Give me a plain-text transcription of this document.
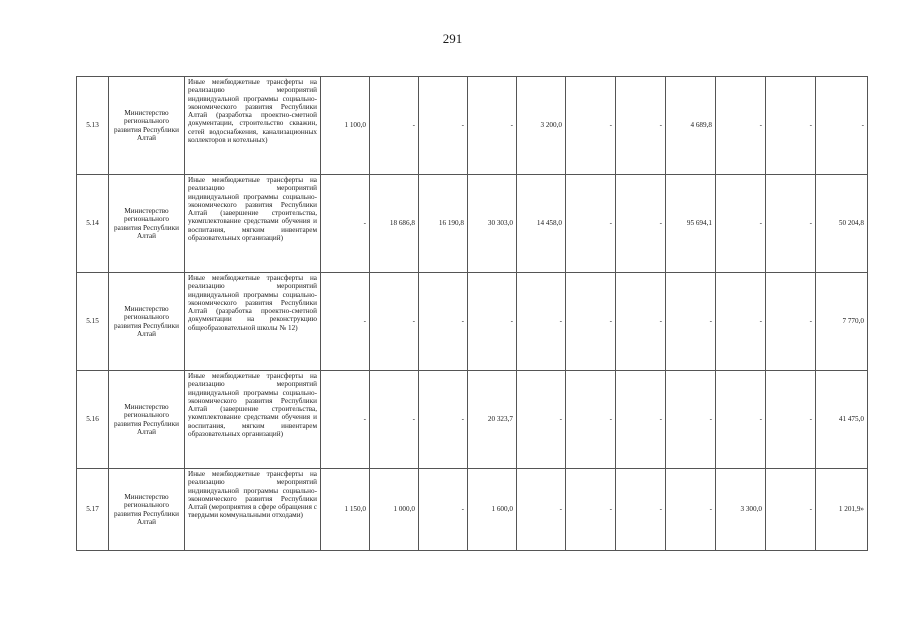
291
5.13	Министерство регионального развития Республики Алтай	Иные межбюджетные трансферты на реализацию мероприятий индивидуальной программы социально-экономического развития Республики Алтай (разработка проектно-сметной документации, строительство скважин, сетей водоснабжения, канализационных коллекторов и котельных)	1 100,0	-	-	-	3 200,0	-	-	4 689,8	-	-	-
5.14	Министерство регионального развития Республики Алтай	Иные межбюджетные трансферты на реализацию мероприятий индивидуальной программы социально-экономического развития Республики Алтай (завершение строительства, укомплектование средствами обучения и воспитания, мягким инвентарем образовательных организаций)	-	18 686,8	16 190,8	30 303,0	14 458,0	-	-	95 694,1	-	-	50 204,8
5.15	Министерство регионального развития Республики Алтай	Иные межбюджетные трансферты на реализацию мероприятий индивидуальной программы социально-экономического развития Республики Алтай (разработка проектно-сметной документации на реконструкцию общеобразовательной школы № 12)	-	-	-	-	-	-	-	-	-	-	7 770,0
5.16	Министерство регионального развития Республики Алтай	Иные межбюджетные трансферты на реализацию мероприятий индивидуальной программы социально-экономического развития Республики Алтай (завершение строительства, укомплектование средствами обучения и воспитания, мягким инвентарем образовательных организаций)	-	-	-	20 323,7	-	-	-	-	-	-	41 475,0
5.17	Министерство регионального развития Республики Алтай	Иные межбюджетные трансферты на реализацию мероприятий индивидуальной программы социально-экономического развития Республики Алтай (мероприятия в сфере обращения с твердыми коммунальными отходами)	1 150,0	1 000,0	-	1 600,0	-	-	-	-	3 300,0	-	1 201,9»
